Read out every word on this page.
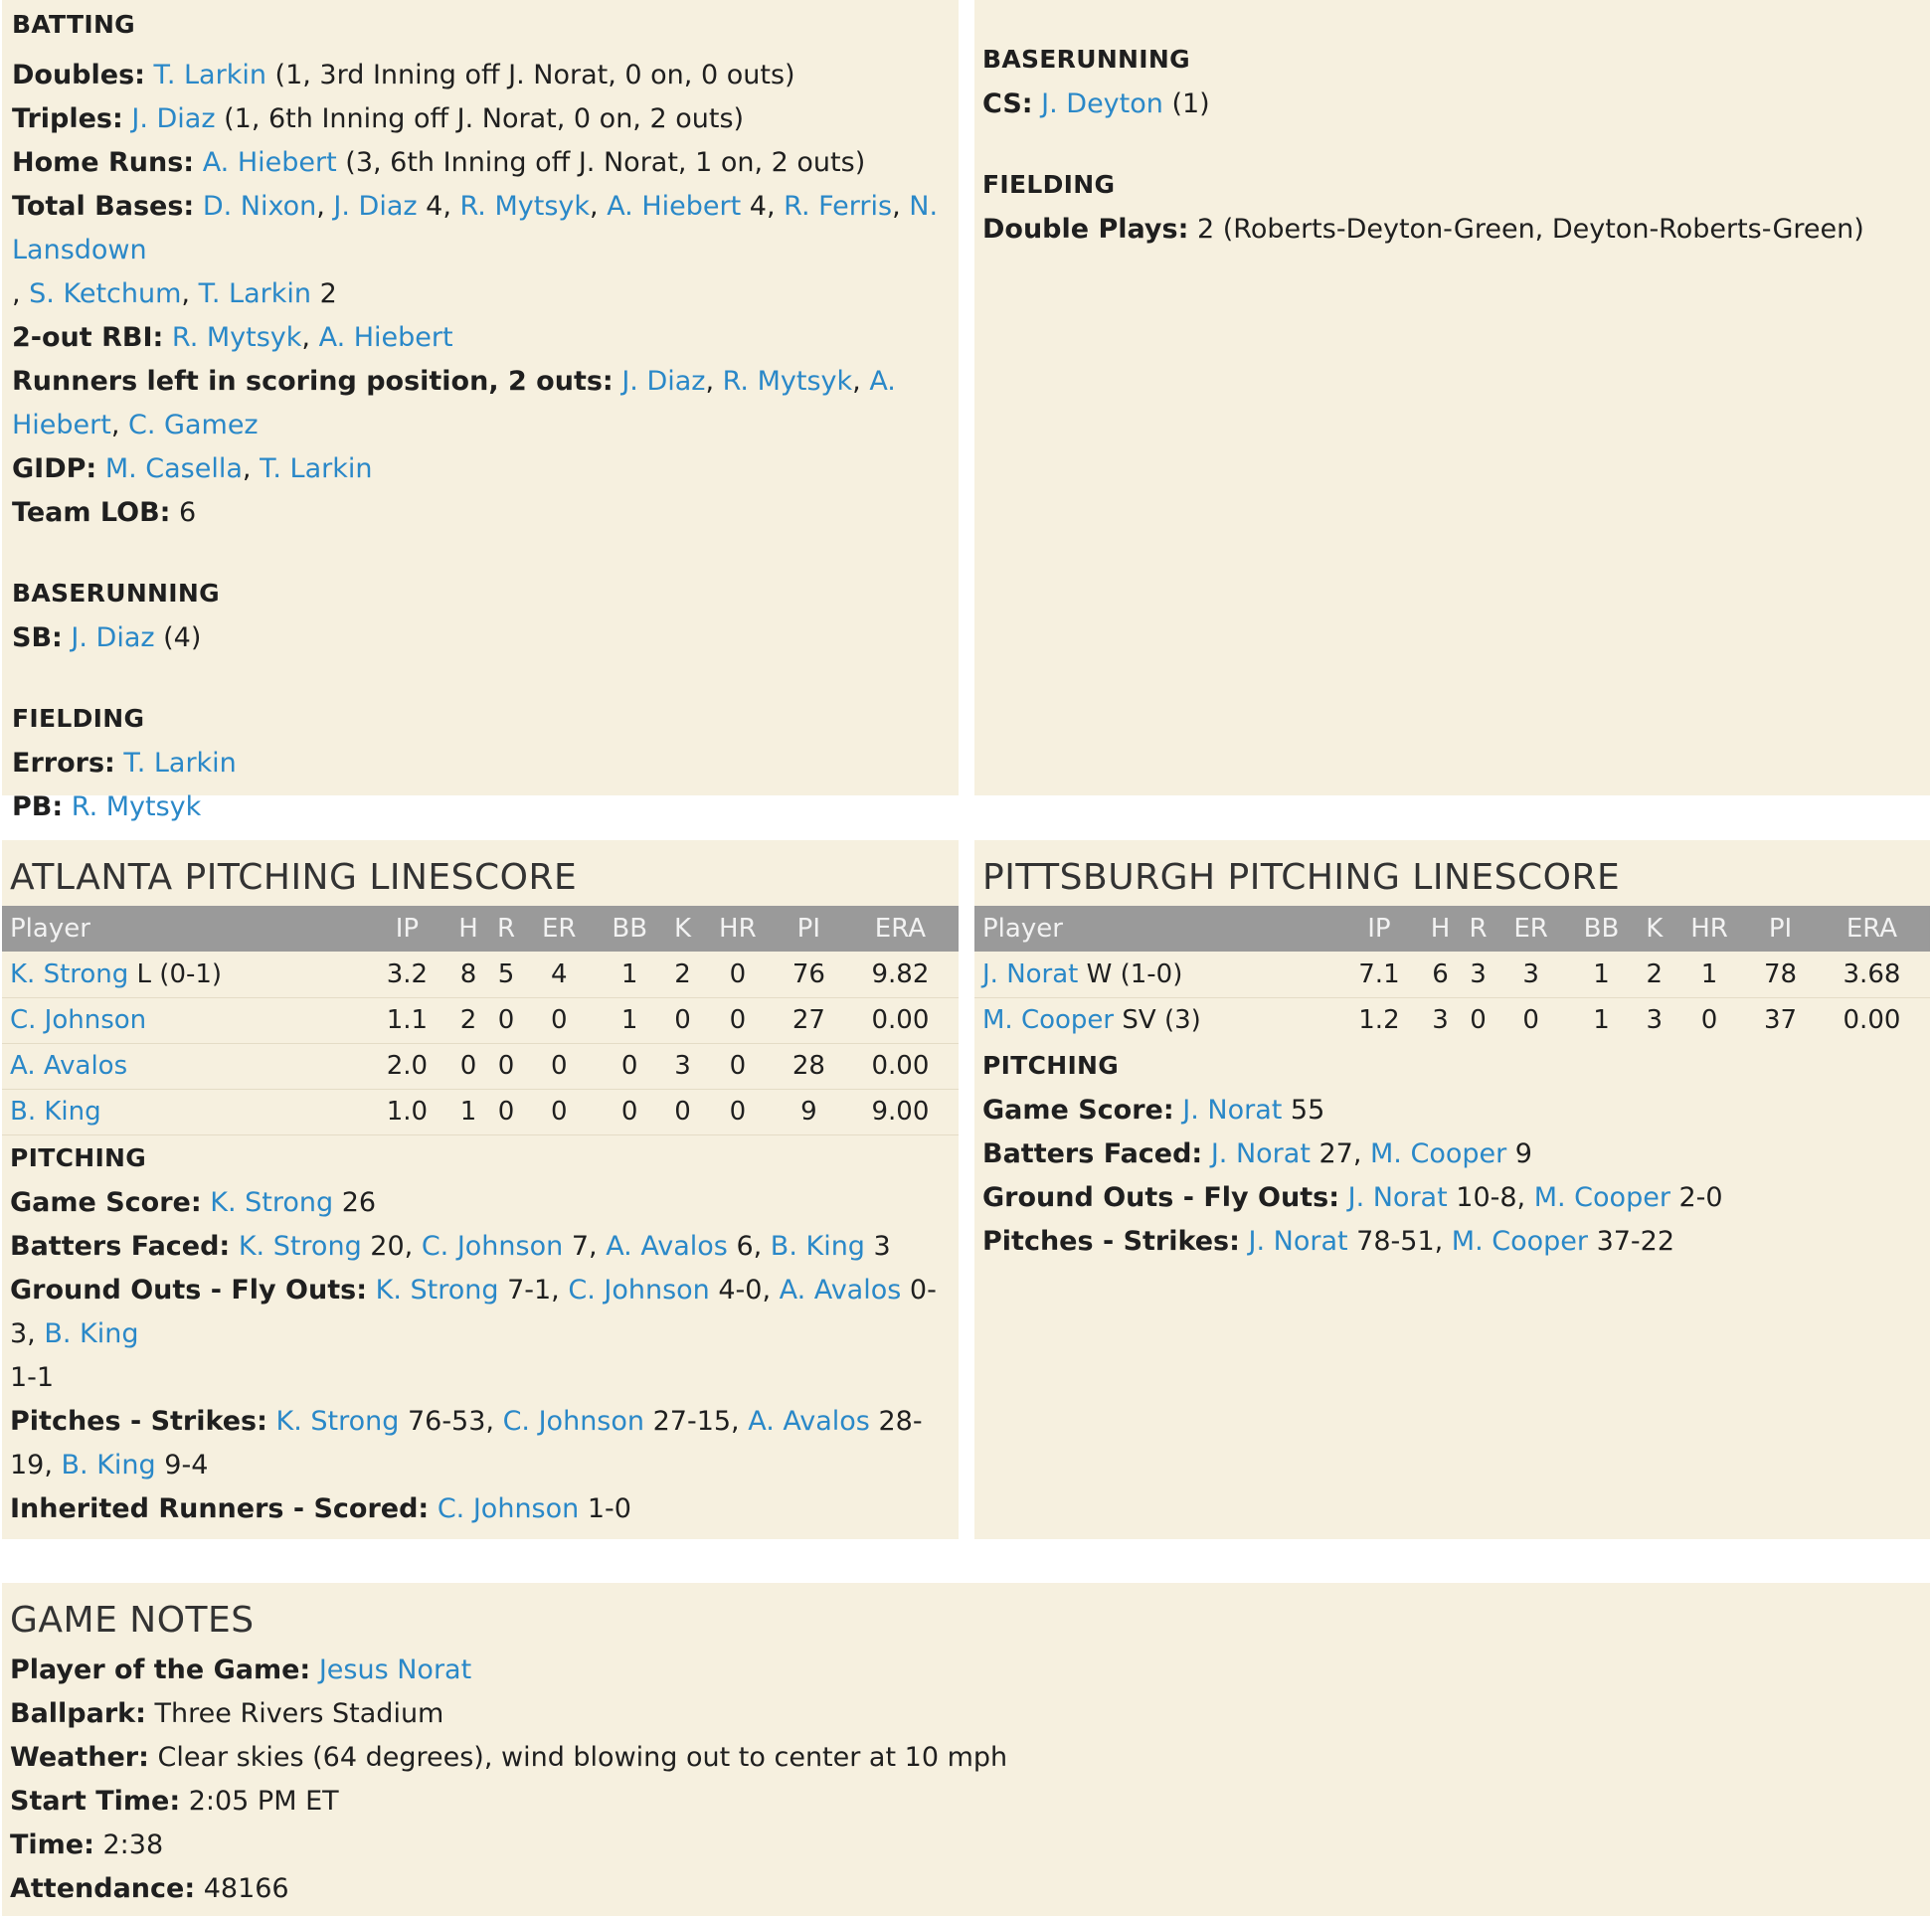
BATTING
Doubles: T. Larkin (1, 3rd Inning off J. Norat, 0 on, 0 outs)
Triples: J. Diaz (1, 6th Inning off J. Norat, 0 on, 2 outs)
Home Runs: A. Hiebert (3, 6th Inning off J. Norat, 1 on, 2 outs)
Total Bases: D. Nixon, J. Diaz 4, R. Mytsyk, A. Hiebert 4, R. Ferris, N. Lansdown
, S. Ketchum, T. Larkin 2
2-out RBI: R. Mytsyk, A. Hiebert
Runners left in scoring position, 2 outs: J. Diaz, R. Mytsyk, A. Hiebert, C. Gamez
GIDP: M. Casella, T. Larkin
Team LOB: 6
BASERUNNING
SB: J. Diaz (4)
FIELDING
Errors: T. Larkin
PB: R. Mytsyk
BASERUNNING
CS: J. Deyton (1)
FIELDING
Double Plays: 2 (Roberts-Deyton-Green, Deyton-Roberts-Green)
ATLANTA PITCHING LINESCORE
Player	IP	H	R	ER	BB	K	HR	PI	ERA
K. Strong L (0-1)	3.2	8	5	4	1	2	0	76	9.82
C. Johnson	1.1	2	0	0	1	0	0	27	0.00
A. Avalos	2.0	0	0	0	0	3	0	28	0.00
B. King	1.0	1	0	0	0	0	0	9	9.00
PITCHING
Game Score: K. Strong 26
Batters Faced: K. Strong 20, C. Johnson 7, A. Avalos 6, B. King 3
Ground Outs - Fly Outs: K. Strong 7-1, C. Johnson 4-0, A. Avalos 0-3, B. King
1-1
Pitches - Strikes: K. Strong 76-53, C. Johnson 27-15, A. Avalos 28-19, B. King 9-4
Inherited Runners - Scored: C. Johnson 1-0
PITTSBURGH PITCHING LINESCORE
Player	IP	H	R	ER	BB	K	HR	PI	ERA
J. Norat W (1-0)	7.1	6	3	3	1	2	1	78	3.68
M. Cooper SV (3)	1.2	3	0	0	1	3	0	37	0.00
PITCHING
Game Score: J. Norat 55
Batters Faced: J. Norat 27, M. Cooper 9
Ground Outs - Fly Outs: J. Norat 10-8, M. Cooper 2-0
Pitches - Strikes: J. Norat 78-51, M. Cooper 37-22
GAME NOTES
Player of the Game: Jesus Norat
Ballpark: Three Rivers Stadium
Weather: Clear skies (64 degrees), wind blowing out to center at 10 mph
Start Time: 2:05 PM ET
Time: 2:38
Attendance: 48166
